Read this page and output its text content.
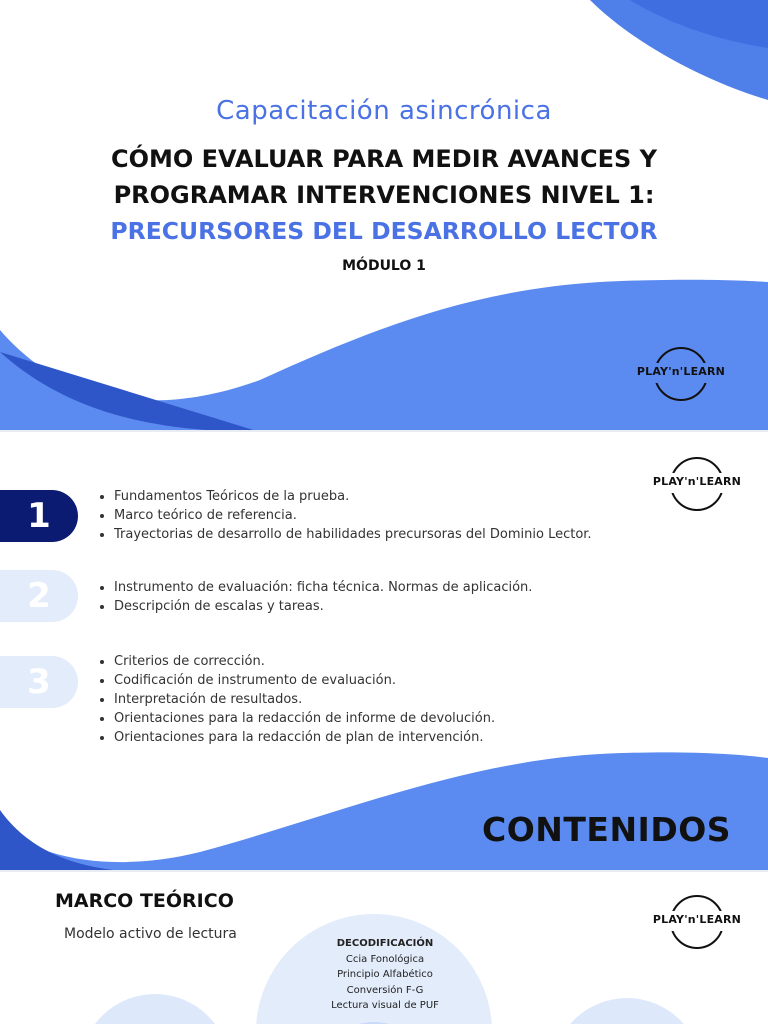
Capacitación asincrónica
CÓMO EVALUAR PARA MEDIR AVANCES Y
PROGRAMAR INTERVENCIONES NIVEL 1:
PRECURSORES DEL DESARROLLO LECTOR
MÓDULO 1
PLAY'n'LEARN
PLAY'n'LEARN
1	• Fundamentos Teóricos de la prueba.
• Marco teórico de referencia.
• Trayectorias de desarrollo de habilidades precursoras del Dominio Lector.
2	• Instrumento de evaluación: ficha técnica. Normas de aplicación.
• Descripción de escalas y tareas.
3
• Criterios de corrección.
• Codificación de instrumento de evaluación.
• Interpretación de resultados.
• Orientaciones para la redacción de informe de devolución.
• Orientaciones para la redacción de plan de intervención.
CONTENIDOS
MARCO TEÓRICO
Modelo activo de lectura
DECODIFICACIÓN
Ccia Fonológica
Principio Alfabético
Conversión F-G
Lectura visual de PUF
PLAY'n'LEARN
